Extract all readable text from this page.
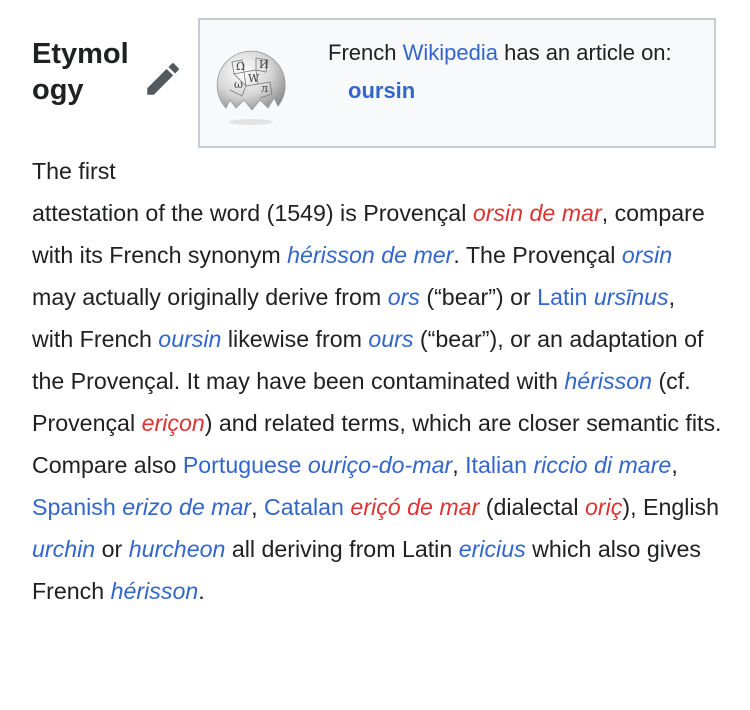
Etymology
Ω
W
И
ω л
French Wikipedia has an article on:
oursin

The first
attestation of the word (1549) is Provençal orsin de mar, compare with its French synonym hérisson de mer. The Provençal orsin may actually originally derive from ors (“bear”) or Latin ursīnus, with French oursin likewise from ours (“bear”), or an adaptation of the Provençal. It may have been contaminated with hérisson (cf. Provençal eriçon) and related terms, which are closer semantic fits. Compare also Portuguese ouriço-do-mar, Italian riccio di mare, Spanish erizo de mar, Catalan eriçó de mar (dialectal oriç), English urchin or hurcheon all deriving from Latin ericius which also gives French hérisson.
